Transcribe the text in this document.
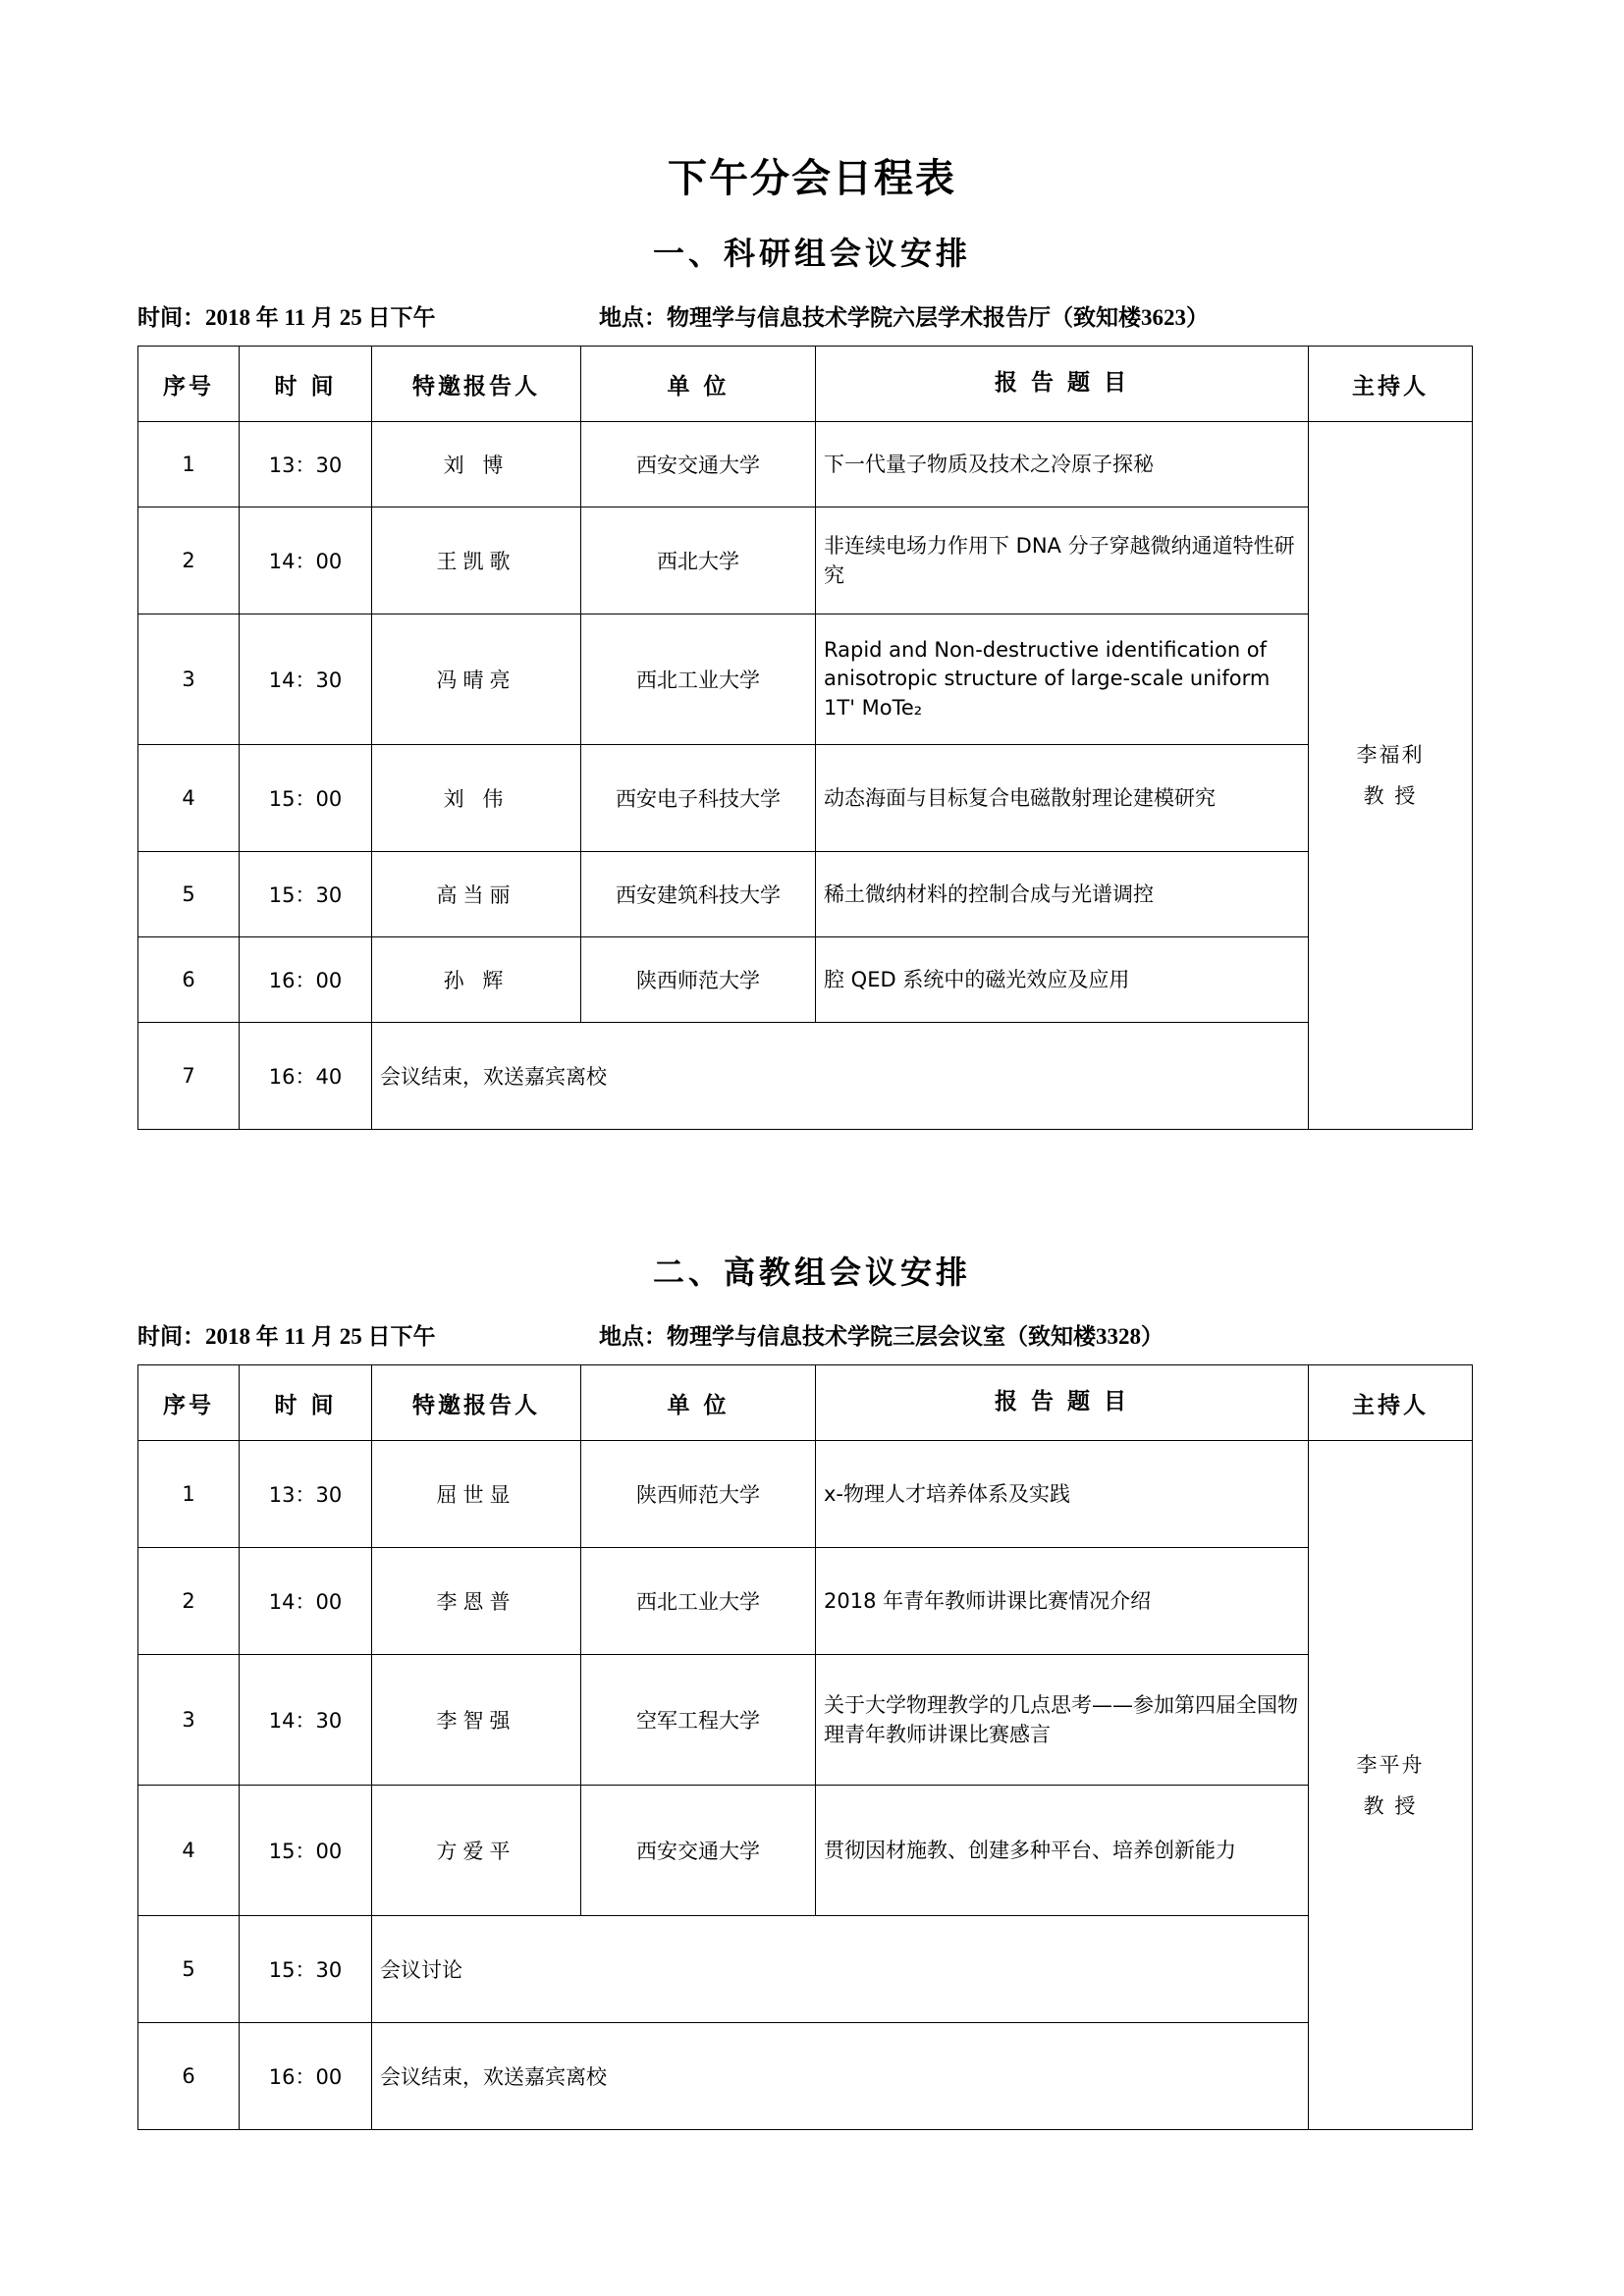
下午分会日程表
一、科研组会议安排
时间：2018 年 11 月 25 日下午	地点：物理学与信息技术学院六层学术报告厅（致知楼3623）
序号	时 间	特邀报告人	单 位	报 告 题 目	主持人
1	13：30	刘 博	西安交通大学	下一代量子物质及技术之冷原子探秘	李福利
教 授

2	14：00	王凯歌	西北大学	非连续电场力作用下 DNA 分子穿越微纳通道特性研究	
3	14：30	冯晴亮	西北工业大学	Rapid and Non-destructive identification of anisotropic structure of large-scale uniform 1T' MoTe₂	
4	15：00	刘 伟	西安电子科技大学	动态海面与目标复合电磁散射理论建模研究	
5	15：30	高当丽	西安建筑科技大学	稀土微纳材料的控制合成与光谱调控	
6	16：00	孙 辉	陕西师范大学	腔 QED 系统中的磁光效应及应用	
7	16：40	会议结束，欢送嘉宾离校			
二、高教组会议安排
时间：2018 年 11 月 25 日下午	地点：物理学与信息技术学院三层会议室（致知楼3328）
序号	时 间	特邀报告人	单 位	报 告 题 目	主持人
1	13：30	屈世显	陕西师范大学	x-物理人才培养体系及实践	李平舟
教 授

2	14：00	李恩普	西北工业大学	2018 年青年教师讲课比赛情况介绍	
3	14：30	李智强	空军工程大学	关于大学物理教学的几点思考——参加第四届全国物理青年教师讲课比赛感言	
4	15：00	方爱平	西安交通大学	贯彻因材施教、创建多种平台、培养创新能力	
5	15：30	会议讨论			
6	16：00	会议结束，欢送嘉宾离校			
